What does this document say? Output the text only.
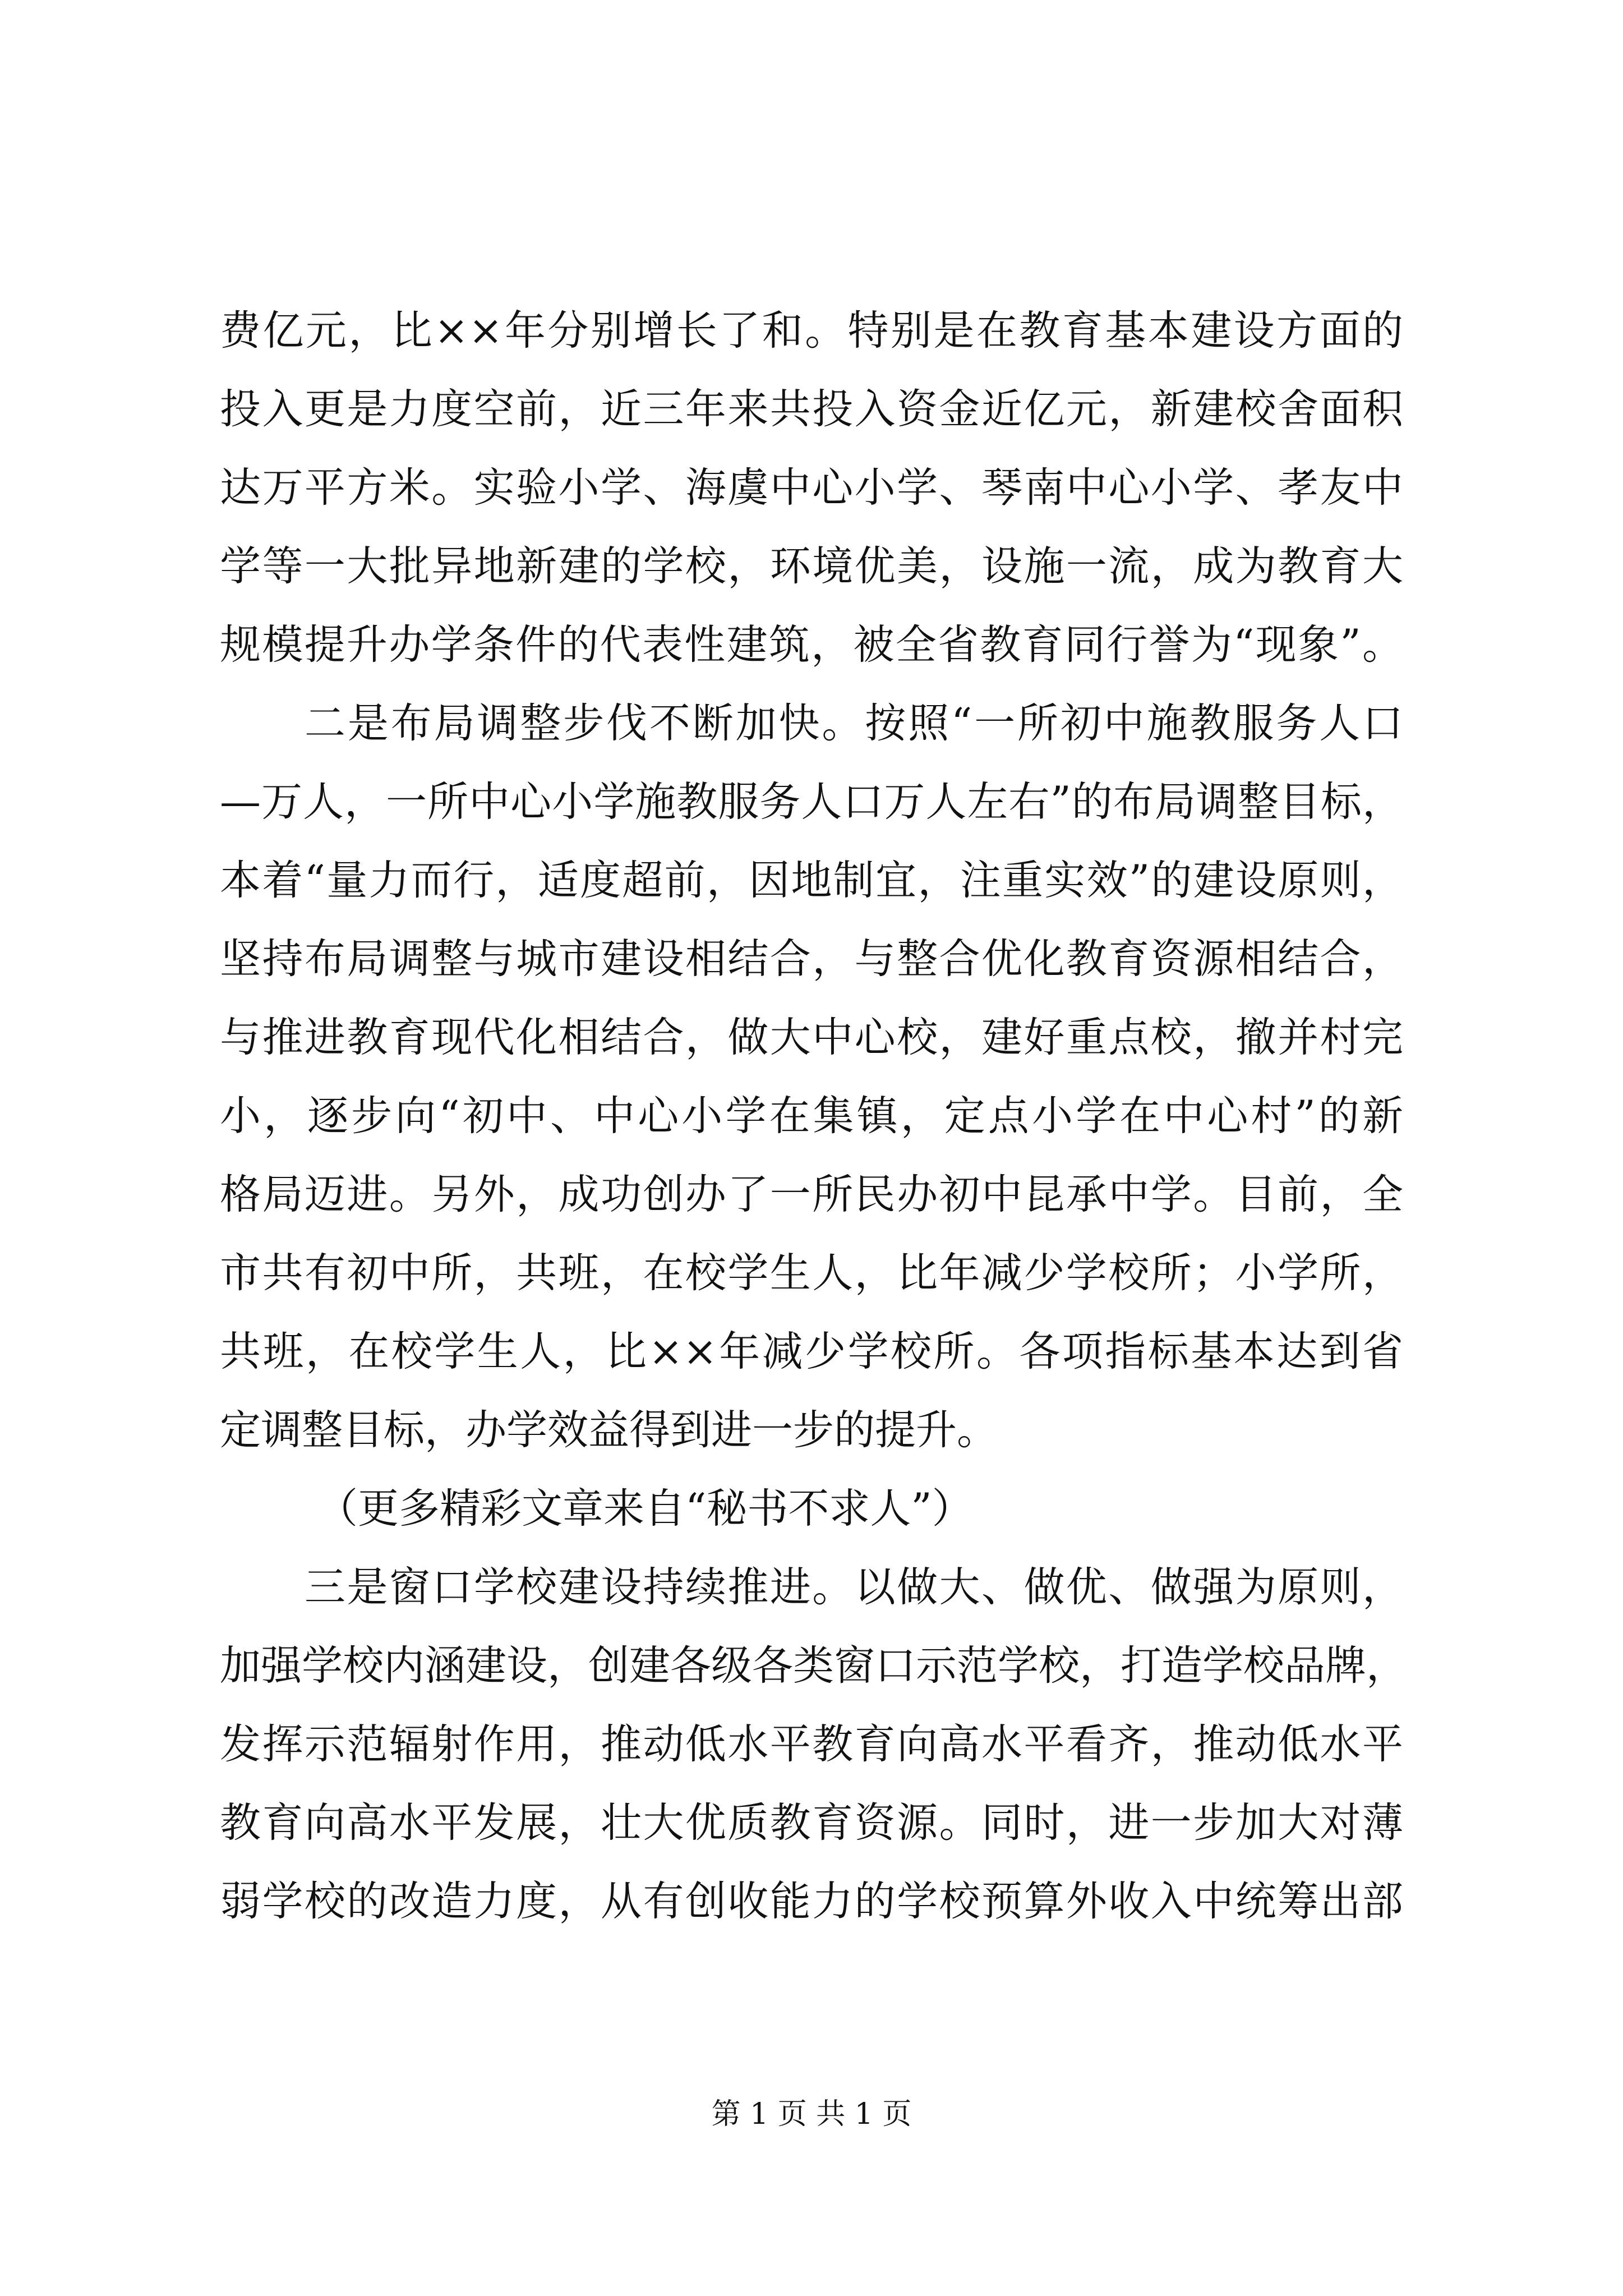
费亿元，比××年分别增长了和。特别是在教育基本建设方面的
投入更是力度空前，近三年来共投入资金近亿元，新建校舍面积
达万平方米。实验小学、海虞中心小学、琴南中心小学、孝友中
学等一大批异地新建的学校，环境优美，设施一流，成为教育大
规模提升办学条件的代表性建筑，被全省教育同行誉为“现象”。
二是布局调整步伐不断加快。按照“一所初中施教服务人口
—万人，一所中心小学施教服务人口万人左右”的布局调整目标，
本着“量力而行，适度超前，因地制宜，注重实效”的建设原则，
坚持布局调整与城市建设相结合，与整合优化教育资源相结合，
与推进教育现代化相结合，做大中心校，建好重点校，撤并村完
小，逐步向“初中、中心小学在集镇，定点小学在中心村”的新
格局迈进。另外，成功创办了一所民办初中昆承中学。目前，全
市共有初中所，共班，在校学生人，比年减少学校所；小学所，
共班，在校学生人，比××年减少学校所。各项指标基本达到省
定调整目标，办学效益得到进一步的提升。
（更多精彩文章来自“秘书不求人”）
三是窗口学校建设持续推进。以做大、做优、做强为原则，
加强学校内涵建设，创建各级各类窗口示范学校，打造学校品牌，
发挥示范辐射作用，推动低水平教育向高水平看齐，推动低水平
教育向高水平发展，壮大优质教育资源。同时，进一步加大对薄
弱学校的改造力度，从有创收能力的学校预算外收入中统筹出部
第 1 页 共 1 页
